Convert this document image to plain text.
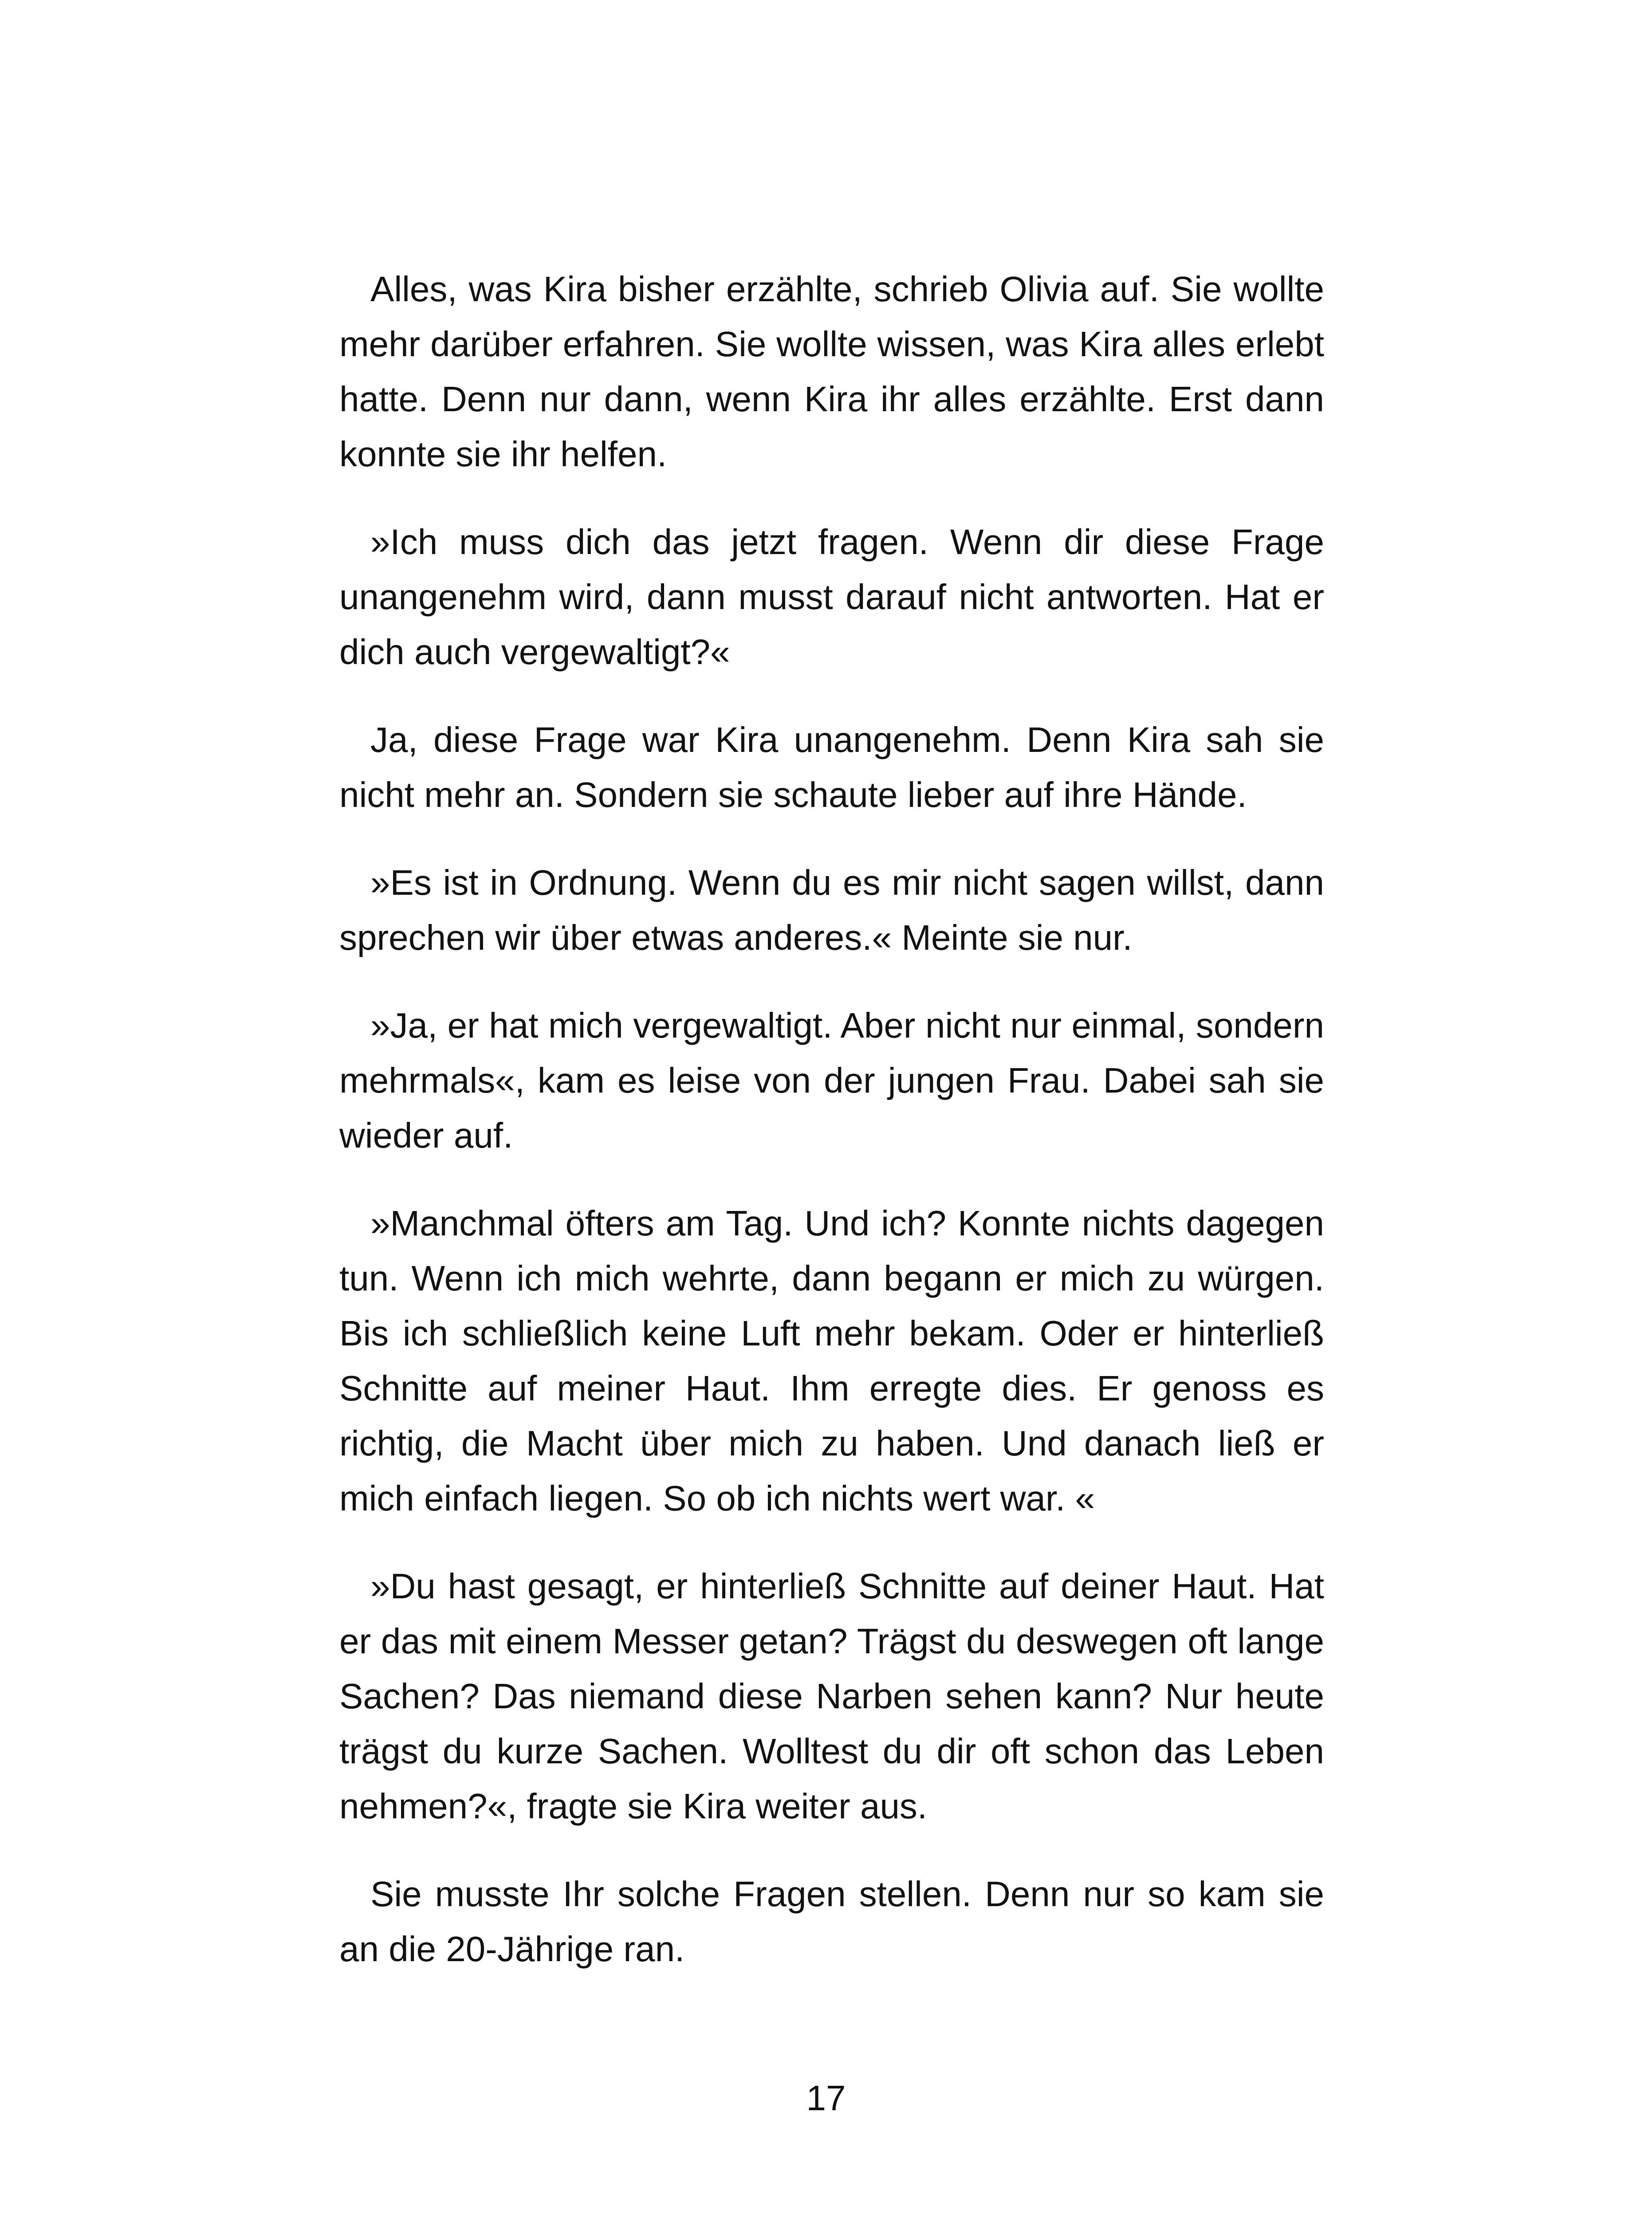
Alles, was Kira bisher erzählte, schrieb Olivia auf. Sie wollte mehr darüber erfahren. Sie wollte wissen, was Kira alles erlebt hatte. Denn nur dann, wenn Kira ihr alles erzählte. Erst dann konnte sie ihr helfen.

»Ich muss dich das jetzt fragen. Wenn dir diese Frage unangenehm wird, dann musst darauf nicht antworten. Hat er dich auch vergewaltigt?«

Ja, diese Frage war Kira unangenehm. Denn Kira sah sie nicht mehr an. Sondern sie schaute lieber auf ihre Hände.

»Es ist in Ordnung. Wenn du es mir nicht sagen willst, dann sprechen wir über etwas anderes.« Meinte sie nur.

»Ja, er hat mich vergewaltigt. Aber nicht nur einmal, sondern mehrmals«, kam es leise von der jungen Frau. Dabei sah sie wieder auf.

»Manchmal öfters am Tag. Und ich? Konnte nichts dagegen tun. Wenn ich mich wehrte, dann begann er mich zu würgen. Bis ich schließlich keine Luft mehr bekam. Oder er hinterließ Schnitte auf meiner Haut. Ihm erregte dies. Er genoss es richtig, die Macht über mich zu haben. Und danach ließ er mich einfach liegen. So ob ich nichts wert war. «

»Du hast gesagt, er hinterließ Schnitte auf deiner Haut. Hat er das mit einem Messer getan? Trägst du deswegen oft lange Sachen? Das niemand diese Narben sehen kann? Nur heute trägst du kurze Sachen. Wolltest du dir oft schon das Leben nehmen?«, fragte sie Kira weiter aus.

Sie musste Ihr solche Fragen stellen. Denn nur so kam sie an die 20-Jährige ran.

17
